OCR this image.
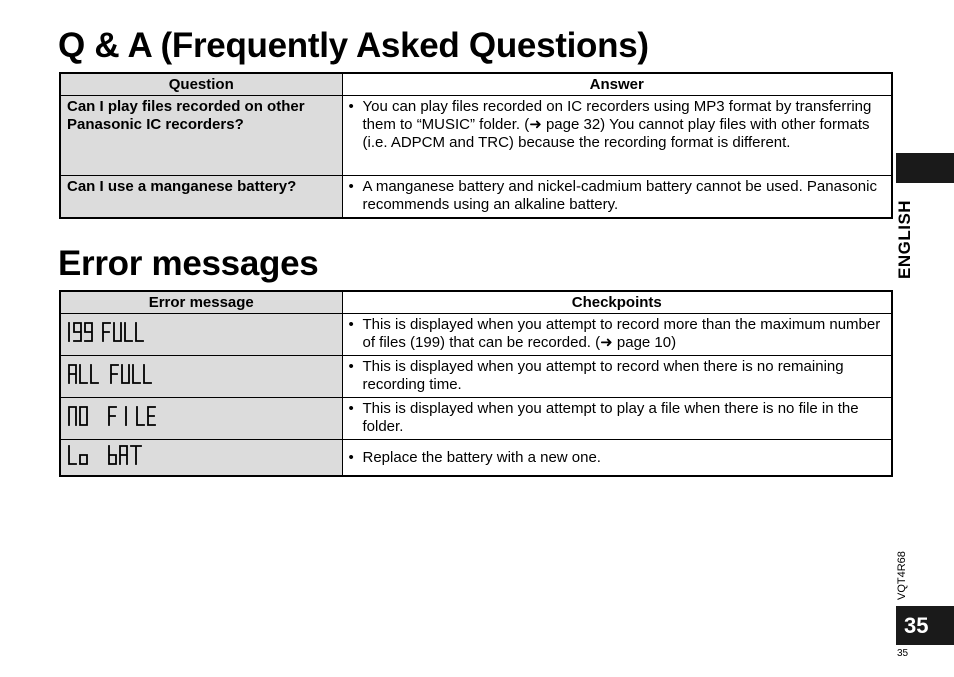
Q & A (Frequently Asked Questions)
Question	Answer
Can I play files recorded on other Panasonic IC recorders?	• You can play files recorded on IC recorders using MP3 format by transferring them to “MUSIC” folder. (➜ page 32) You cannot play files with other formats (i.e. ADPCM and TRC) because the recording format is different.

Can I use a manganese battery?	• A manganese battery and nickel-cadmium battery cannot be used. Panasonic recommends using an alkaline battery.
Error messages
Error message	Checkpoints

• This is displayed when you attempt to record more than the maximum number of files (199) that can be recorded. (➜ page 10)

• This is displayed when you attempt to record when there is no remaining recording time.

• This is displayed when you attempt to play a file when there is no file in the folder.

• Replace the battery with a new one.
ENGLISH
VQT4R68
35
35
